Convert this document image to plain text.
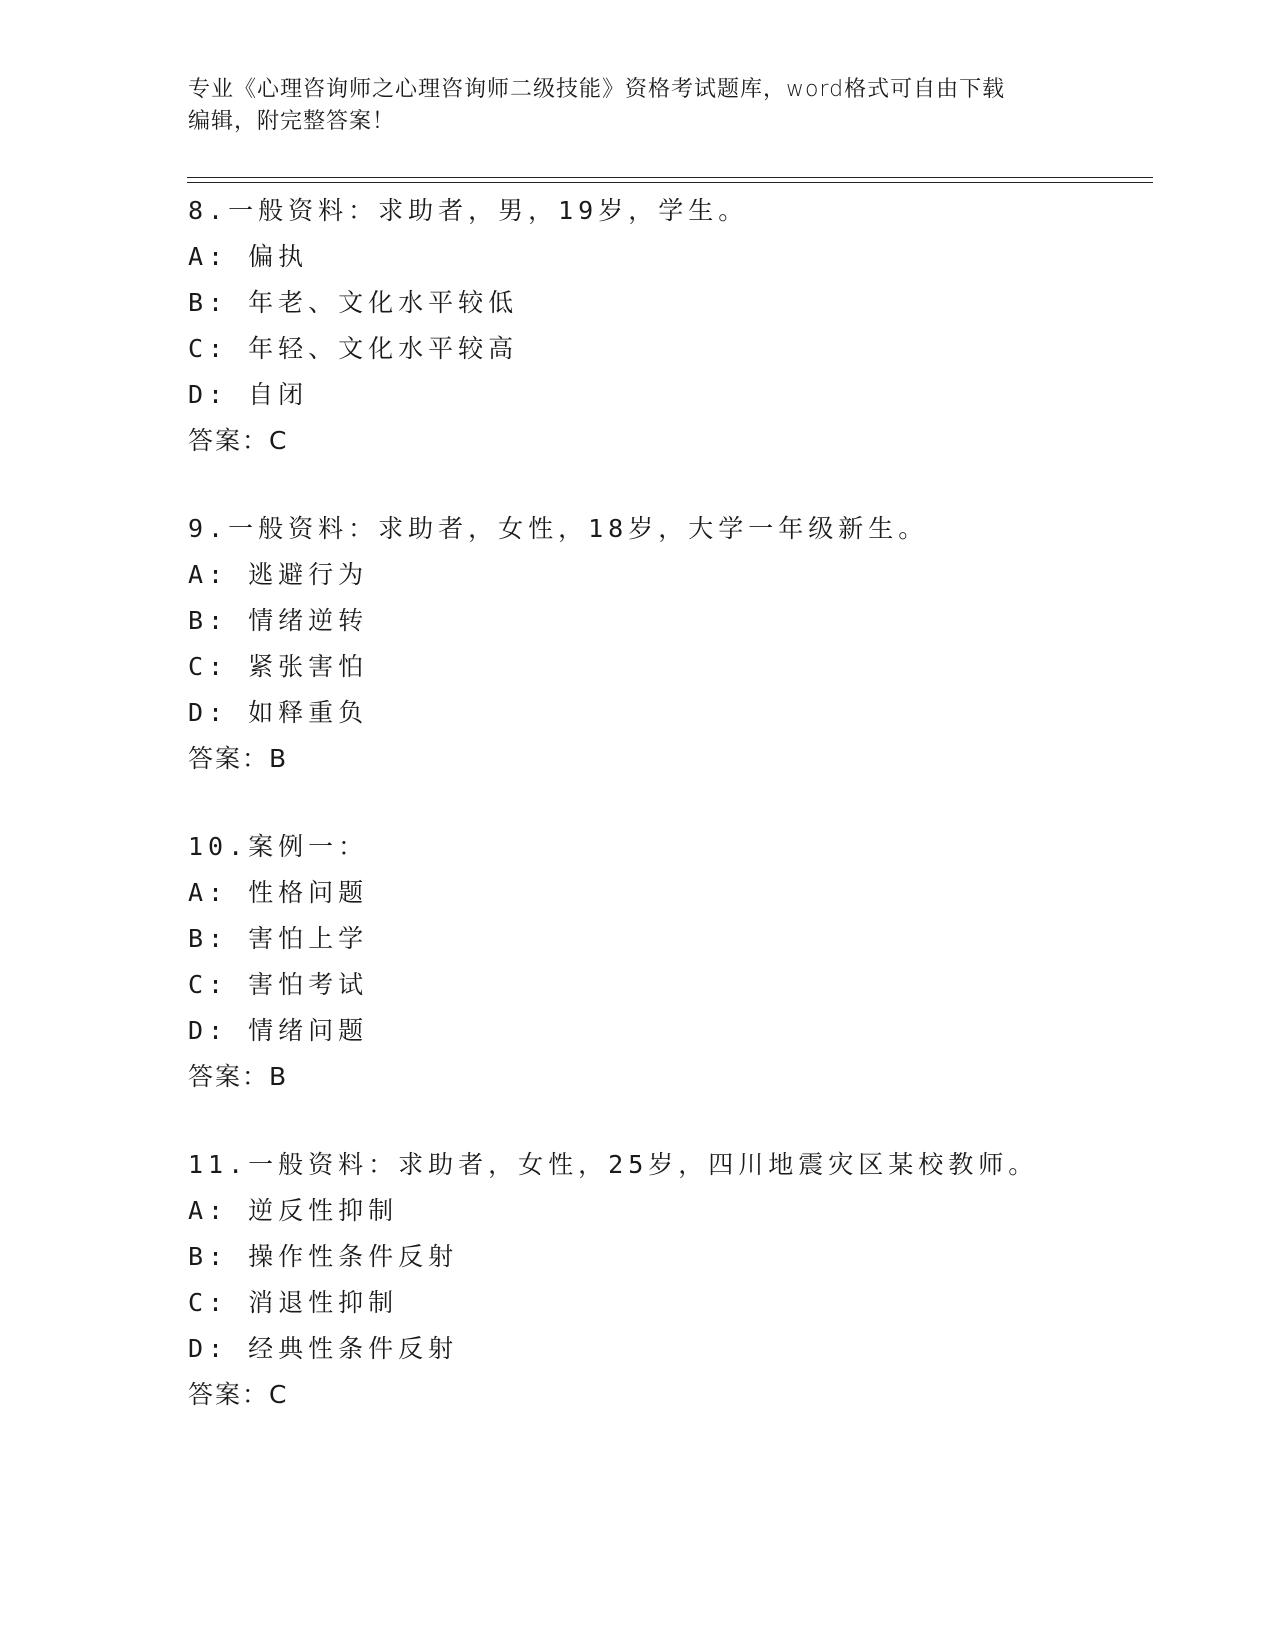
专业《心理咨询师之心理咨询师二级技能》资格考试题库，word格式可自由下载
编辑，附完整答案！
8.一般资料：求助者，男，19岁，学生。
A: 偏执
B: 年老、文化水平较低
C: 年轻、文化水平较高
D: 自闭
答案：C
9.一般资料：求助者，女性，18岁，大学一年级新生。
A: 逃避行为
B: 情绪逆转
C: 紧张害怕
D: 如释重负
答案：B
10.案例一：
A: 性格问题
B: 害怕上学
C: 害怕考试
D: 情绪问题
答案：B
11.一般资料：求助者，女性，25岁，四川地震灾区某校教师。
A: 逆反性抑制
B: 操作性条件反射
C: 消退性抑制
D: 经典性条件反射
答案：C
